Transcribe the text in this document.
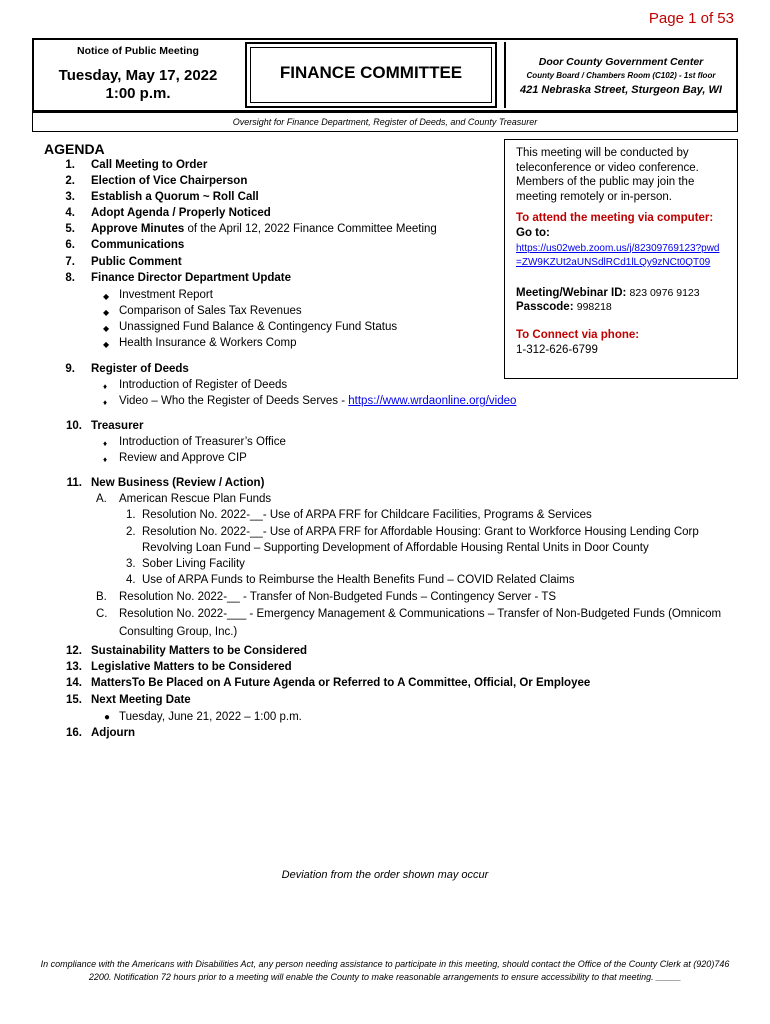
Page 1 of 53
Notice of Public Meeting
Tuesday, May 17, 2022
1:00 p.m.
FINANCE COMMITTEE
Door County Government Center
County Board / Chambers Room (C102) - 1st floor
421 Nebraska Street, Sturgeon Bay, WI
Oversight for Finance Department, Register of Deeds, and County Treasurer
AGENDA
1. Call Meeting to Order
2. Election of Vice Chairperson
3. Establish a Quorum ~ Roll Call
4. Adopt Agenda / Properly Noticed
5. Approve Minutes of the April 12, 2022 Finance Committee Meeting
6. Communications
7. Public Comment
8. Finance Director Department Update
◆ Investment Report
◆ Comparison of Sales Tax Revenues
◆ Unassigned Fund Balance & Contingency Fund Status
◆ Health Insurance & Workers Comp
9. Register of Deeds
♦ Introduction of Register of Deeds
♦ Video – Who the Register of Deeds Serves - https://www.wrdaonline.org/video
10. Treasurer
♦ Introduction of Treasurer’s Office
♦ Review and Approve CIP
11. New Business (Review / Action)
A. American Rescue Plan Funds
1. Resolution No. 2022-__- Use of ARPA FRF for Childcare Facilities, Programs & Services
2. Resolution No. 2022-__- Use of ARPA FRF for Affordable Housing: Grant to Workforce Housing Lending Corp
Revolving Loan Fund – Supporting Development of Affordable Housing Rental Units in Door County
3. Sober Living Facility
4. Use of ARPA Funds to Reimburse the Health Benefits Fund – COVID Related Claims
B. Resolution No. 2022-__ - Transfer of Non-Budgeted Funds – Contingency Server - TS
C. Resolution No. 2022-___ - Emergency Management & Communications – Transfer of Non-Budgeted Funds (Omnicom
Consulting Group, Inc.)
12. Sustainability Matters to be Considered
13. Legislative Matters to be Considered
14. MattersTo Be Placed on A Future Agenda or Referred to A Committee, Official, Or Employee
15. Next Meeting Date
● Tuesday, June 21, 2022 – 1:00 p.m.
16. Adjourn
This meeting will be conducted by teleconference or video conference. Members of the public may join the meeting remotely or in-person.
To attend the meeting via computer:
Go to:
https://us02web.zoom.us/j/82309769123?pwd
=ZW9KZUt2aUNSdlRCd1lLQy9zNCt0QT09
Meeting/Webinar ID: 823 0976 9123
Passcode: 998218
To Connect via phone:
1-312-626-6799
Deviation from the order shown may occur
In compliance with the Americans with Disabilities Act, any person needing assistance to participate in this meeting, should contact the Office of the County Clerk at (920)746 2200. Notification 72 hours prior to a meeting will enable the County to make reasonable arrangements to ensure accessibility to that meeting. _____
